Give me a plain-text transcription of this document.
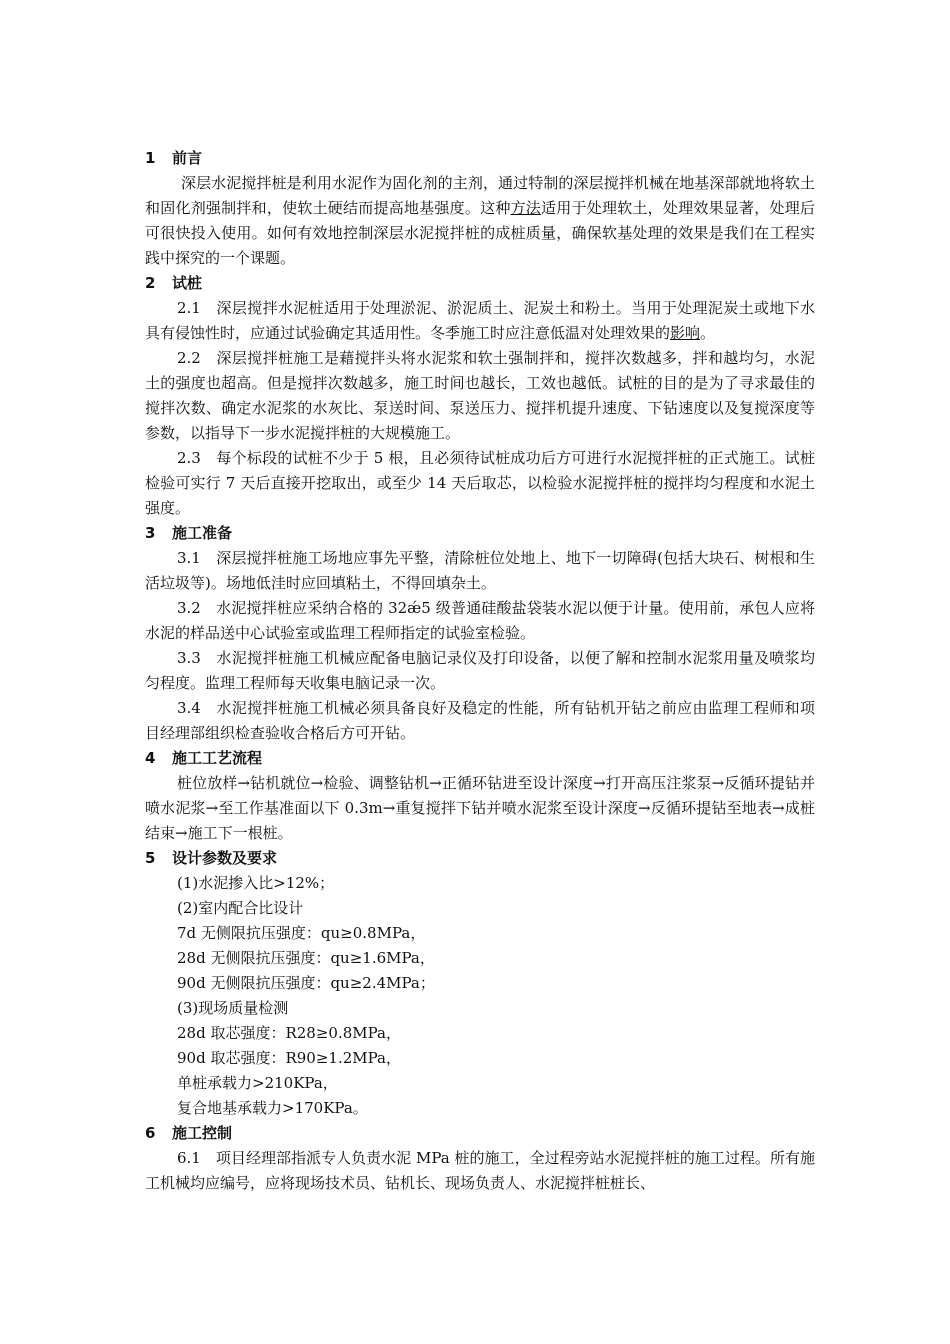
1 前言

深层水泥搅拌桩是利用水泥作为固化剂的主剂，通过特制的深层搅拌机械在地基深部就地将软土和固化剂强制拌和，使软土硬结而提高地基强度。这种方法适用于处理软土，处理效果显著，处理后可很快投入使用。如何有效地控制深层水泥搅拌桩的成桩质量，确保软基处理的效果是我们在工程实践中探究的一个课题。

2 试桩

2.1　深层搅拌水泥桩适用于处理淤泥、淤泥质土、泥炭土和粉土。当用于处理泥炭土或地下水具有侵蚀性时，应通过试验确定其适用性。冬季施工时应注意低温对处理效果的影响。

2.2　深层搅拌桩施工是藉搅拌头将水泥浆和软土强制拌和，搅拌次数越多，拌和越均匀，水泥土的强度也超高。但是搅拌次数越多，施工时间也越长，工效也越低。试桩的目的是为了寻求最佳的搅拌次数、确定水泥浆的水灰比、泵送时间、泵送压力、搅拌机提升速度、下钻速度以及复搅深度等参数，以指导下一步水泥搅拌桩的大规模施工。

2.3　每个标段的试桩不少于 5 根，且必须待试桩成功后方可进行水泥搅拌桩的正式施工。试桩检验可实行 7 天后直接开挖取出，或至少 14 天后取芯，以检验水泥搅拌桩的搅拌均匀程度和水泥土强度。

3 施工准备

3.1　深层搅拌桩施工场地应事先平整，清除桩位处地上、地下一切障碍(包括大块石、树根和生活垃圾等)。场地低洼时应回填粘土，不得回填杂土。

3.2　水泥搅拌桩应采纳合格的 32ǽ5 级普通硅酸盐袋装水泥以便于计量。使用前，承包人应将水泥的样品送中心试验室或监理工程师指定的试验室检验。

3.3　水泥搅拌桩施工机械应配备电脑记录仪及打印设备，以便了解和控制水泥浆用量及喷浆均匀程度。监理工程师每天收集电脑记录一次。

3.4　水泥搅拌桩施工机械必须具备良好及稳定的性能，所有钻机开钻之前应由监理工程师和项目经理部组织检查验收合格后方可开钻。

4 施工工艺流程

桩位放样→钻机就位→检验、调整钻机→正循环钻进至设计深度→打开高压注浆泵→反循环提钻并喷水泥浆→至工作基准面以下 0.3m→重复搅拌下钻并喷水泥浆至设计深度→反循环提钻至地表→成桩结束→施工下一根桩。

5 设计参数及要求

(1)水泥掺入比>12%；

(2)室内配合比设计

7d 无侧限抗压强度：qu≥0.8MPa，

28d 无侧限抗压强度：qu≥1.6MPa，

90d 无侧限抗压强度：qu≥2.4MPa；

(3)现场质量检测

28d 取芯强度：R28≥0.8MPa，

90d 取芯强度：R90≥1.2MPa，

单桩承载力>210KPa，

复合地基承载力>170KPa。

6 施工控制

6.1　项目经理部指派专人负责水泥 MPa 桩的施工，全过程旁站水泥搅拌桩的施工过程。所有施工机械均应编号，应将现场技术员、钻机长、现场负责人、水泥搅拌桩桩长、
